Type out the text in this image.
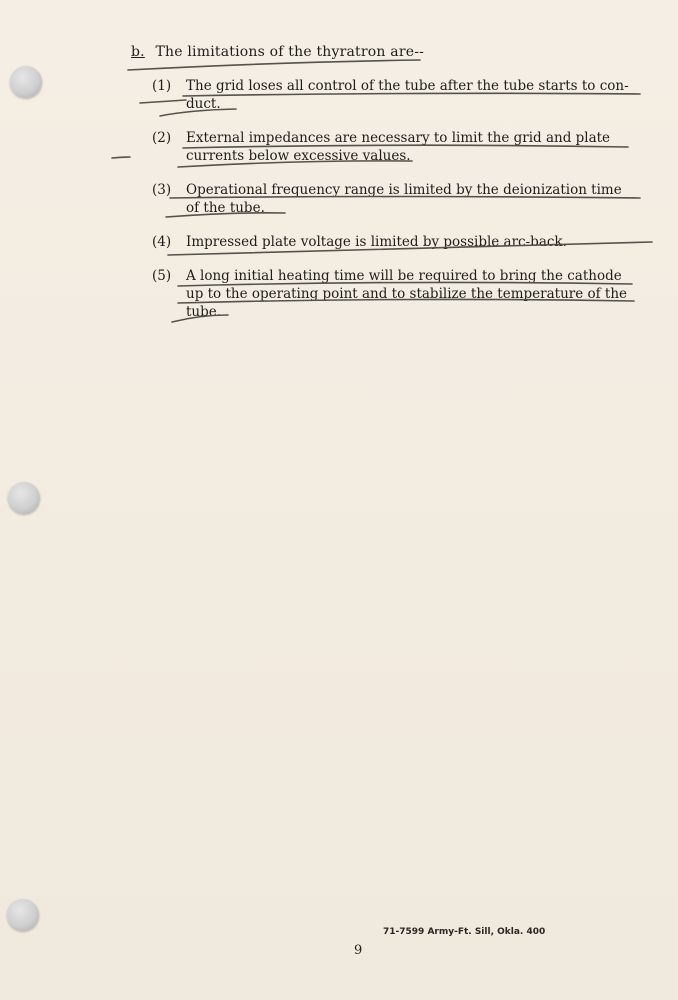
b. The limitations of the thyratron are--
(1) The grid loses all control of the tube after the tube starts to con- duct.
(2) External impedances are necessary to limit the grid and plate currents below excessive values.
(3) Operational frequency range is limited by the deionization time of the tube.
(4) Impressed plate voltage is limited by possible arc-back.
(5) A long initial heating time will be required to bring the cathode up to the operating point and to stabilize the temperature of the tube.
71-7599 Army-Ft. Sill, Okla. 400
9
